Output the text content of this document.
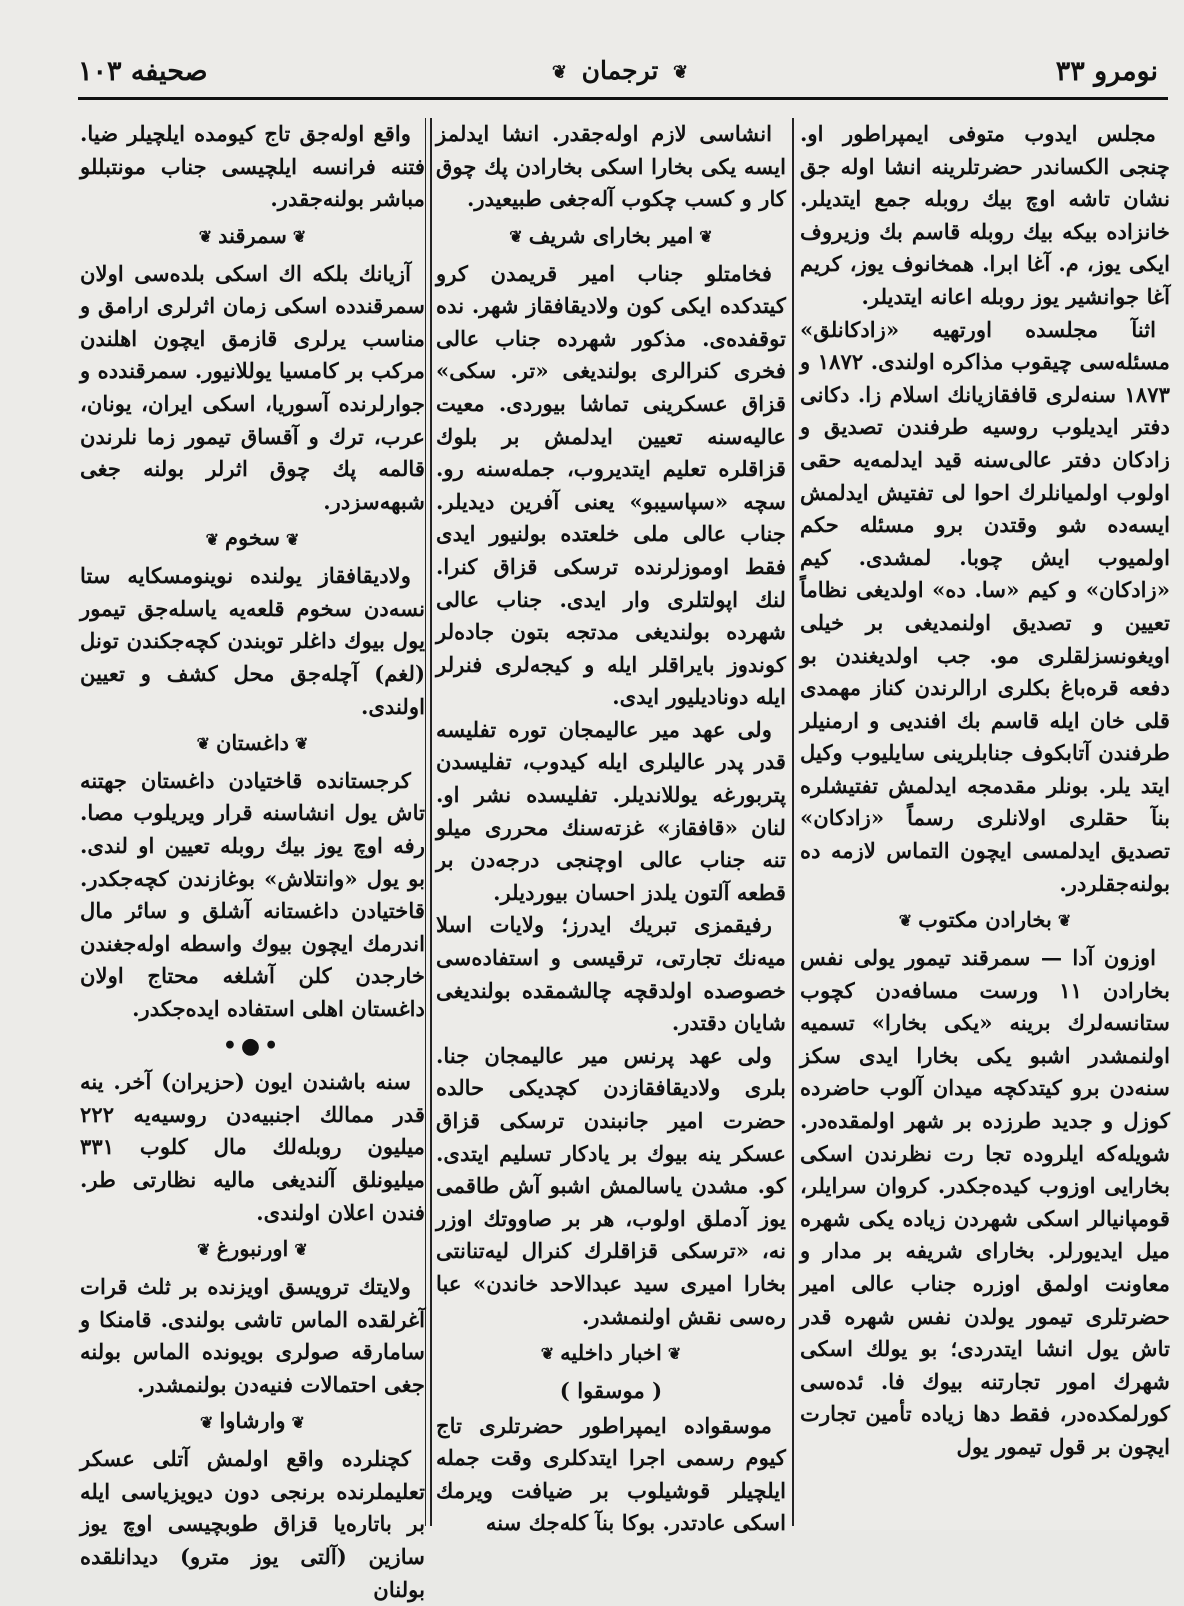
نومرو ۳۳
❦ ترجمان ❦
صحیفه ۱۰۳

مجلس ایدوب متوفی ایمپراطور او. چنجی الکساندر حضرتلرینه انشا اوله جق نشان تاشه اوچ بیك روبله جمع ایتدیلر. خانزاده بیکه بیك روبله قاسم بك وزیروف ایکی یوز، م. آغا ابرا. همخانوف یوز، کریم آغا جوانشیر یوز روبله اعانه ایتدیلر.

اثنآ مجلسده اورتهیه «زادکانلق» مسئله‌سی چیقوب مذاکره اولندی. ۱۸۷۲ و ۱۸۷۳ سنه‌لری قافقازیانك اسلام زا. دکانی دفتر ایدیلوب روسیه طرفندن تصدیق و زادکان دفتر عالی‌سنه قید ایدلمه‌یه حقی اولوب اولمیانلرك احوا لی تفتیش ایدلمش ایسه‌ده شو وقتدن برو مسئله حکم اولمیوب ایش چوبا. لمشدی. کیم «زادکان» و کیم «سا. ده» اولدیغی نظاماً تعیین و تصدیق اولنمدیغی بر خیلی اویغونسزلقلری مو. جب اولدیغندن بو دفعه قره‌باغ بکلری ارالرندن کناز مهمدی قلی خان ایله قاسم بك افندیی و ارمنیلر طرفندن آتابکوف جنابلرینی سایلیوب وکیل ایتد یلر. بونلر مقدمجه ایدلمش تفتیشلره بنآ حقلری اولانلری رسماً «زادکان» تصدیق ایدلمسی ایچون التماس لازمه ده بولنه‌جقلردر.

❦بخارادن مکتوب❦

اوزون آدا — سمرقند تیمور یولی نفس بخارادن ۱۱ ورست مسافه‌دن کچوب ستانسه‌لرك برینه «یکی بخارا» تسمیه اولنمشدر اشبو یکی بخارا ایدی سکز سنه‌دن برو کیتدکچه میدان آلوب حاضرده کوزل و جدید طرزده بر شهر اولمقده‌در. شویله‌که ایلروده تجا رت نظرندن اسکی بخارایی اوزوب کیده‌جکدر. کروان سرایلر، قومپانیالر اسکی شهردن زیاده یکی شهره میل ایدیورلر. بخارای شریفه بر مدار و معاونت اولمق اوزره جناب عالی امیر حضرتلری تیمور یولدن نفس شهره قدر تاش یول انشا ایتدردی؛ بو یولك اسکی شهرك امور تجارتنه بیوك فا. ئده‌سی کورلمکده‌در، فقط دها زیاده تأمین تجارت ایچون بر قول تیمور یول

انشاسی لازم اوله‌جقدر. انشا ایدلمز ایسه یکی بخارا اسکی بخارادن پك چوق کار و کسب چکوب آله‌جغی طبیعیدر.

❦امیر بخارای شریف❦

فخامتلو جناب امیر قریمدن کرو کیتدکده ایکی کون ولادیقافقاز شهر. نده توقفده‌ی. مذکور شهرده جناب عالی فخری کنرالری بولندیغی «تر. سکی» قزاق عسکرینی تماشا بیوردی. معیت عالیه‌سنه تعیین ایدلمش بر بلوك قزاقلره تعلیم ایتدیروب، جمله‌سنه رو. سچه «سپاسیبو» یعنی آفرین دیدیلر. جناب عالی ملی خلعتده بولنیور ایدی فقط اوموزلرنده ترسکی قزاق کنرا. لنك اپولتلری وار ایدی. جناب عالی شهرده بولندیغی مدتجه بتون جاده‌لر کوندوز بایراقلر ایله و کیجه‌لری فنرلر ایله دوناديليور ایدی.

ولی عهد میر عالیمجان توره تفلیسه قدر پدر عالیلری ایله کیدوب، تفلیسدن پتربورغه یوللاندیلر. تفلیسده نشر او. لنان «قافقاز» غزته‌سنك محرری میلو تنه جناب عالی اوچنجی درجه‌دن بر قطعه آلتون یلدز احسان بیوردیلر.

رفیقمزی تبریك ایدرز؛ ولایات اسلا میه‌نك تجارتی، ترقیسی و استفاده‌سی خصوصده اولدقچه چالشمقده بولندیغی شایان دقتدر.

ولی عهد پرنس میر عالیمجان جنا. بلری ولادیقافقازدن کچدیکی حالده حضرت امیر جانبندن ترسکی قزاق عسکر ینه بیوك بر یادکار تسلیم ایتدی. کو. مشدن یاسالمش اشبو آش طاقمی یوز آدملق اولوب، هر بر صاووتك اوزر نه، «ترسکی قزاقلرك کنرال لیه‌تنانتی بخارا امیری سید عبدالاحد خاندن» عبا ره‌سی نقش اولنمشدر.

❦اخبار داخلیه❦

( موسقوا )

موسقواده ایمپراطور حضرتلری تاج کیوم رسمی اجرا ایتدکلری وقت جمله ایلچیلر قوشیلوب بر ضیافت ویرمك اسکی عادتدر. بوکا بنآ کلەجك سنه

واقع اوله‌جق تاج کیومده ایلچیلر ضیا. فتنه فرانسه ایلچیسی جناب مونتبللو مباشر بولنه‌جقدر.

❦سمرقند❦

آزیانك بلکه اك اسکی بلده‌سی اولان سمرقندده اسکی زمان اثرلری ارامق و مناسب یرلری قازمق ایچون اهلندن مرکب بر کامسیا یوللانیور. سمرقندده و جوارلرنده آسوریا، اسکی ایران، یونان، عرب، ترك و آقساق تیمور زما نلرندن قالمه پك چوق اثرلر بولنه جغی شبهه‌سزدر.

❦سخوم❦

ولادیقافقاز یولنده نوینومسکایه ستا نسه‌دن سخوم قلعه‌یه یاسله‌جق تیمور یول بیوك داغلر توبندن کچه‌جکندن تونل (لغم) آچله‌جق محل کشف و تعیین اولندی.

❦داغستان❦

کرجستانده قاختیادن داغستان جهتنه تاش یول انشاسنه قرار ویریلوب مصا. رفه اوچ یوز بیك روبله تعیین او لندی. بو یول «وانتلاش» بوغازندن کچه‌جکدر. قاختیادن داغستانه آشلق و سائر مال اندرمك ایچون بیوك واسطه اوله‌جغندن خارجدن کلن آشلغه محتاج اولان داغستان اهلی استفاده ایده‌جکدر.

•●•

سنه باشندن ایون (حزیران) آخر. ینه قدر ممالك اجنبیه‌دن روسیه‌یه ۲۲۲ میلیون روبلەلك مال کلوب ۳۳۱ میلیونلق آلندیغی مالیه نظارتی طر. فندن اعلان اولندی.

❦اورنبورغ❦

ولایتك ترویسق اویزنده بر ثلث قرات آغرلقده الماس تاشی بولندی. قامنکا و سامارقه صولری بویونده الماس بولنه جغی احتمالات فنیه‌دن بولنمشدر.

❦وارشاوا❦

کچنلرده واقع اولمش آتلی عسکر تعلیملرنده برنجی دون دیویزیاسی ایله بر باتاره‌یا قزاق طوبچیسی اوچ یوز سازین (آلتی یوز مترو) دیدانلقده بولنان
